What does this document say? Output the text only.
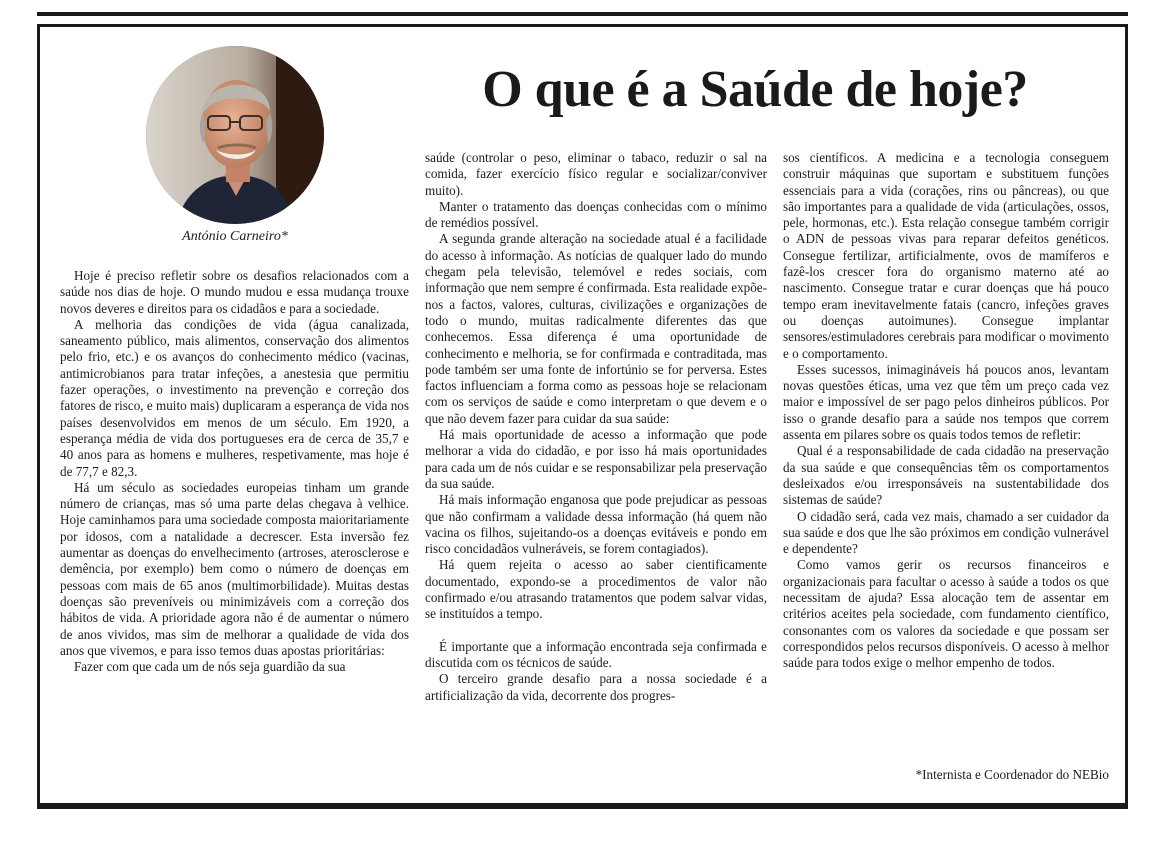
António Carneiro*
O que é a Saúde de hoje?

Hoje é preciso refletir sobre os desafios relacionados com a saúde nos dias de hoje. O mundo mudou e essa mudança trouxe novos deveres e direitos para os cidadãos e para a sociedade.

A melhoria das condições de vida (água canalizada, saneamento público, mais alimentos, conservação dos alimentos pelo frio, etc.) e os avanços do conhecimento médico (vacinas, antimicrobianos para tratar infeções, a anestesia que permitiu fazer operações, o investimento na prevenção e correção dos fatores de risco, e muito mais) duplicaram a esperança de vida nos países desenvolvidos em menos de um século. Em 1920, a esperança média de vida dos portugueses era de cerca de 35,7 e 40 anos para as homens e mulheres, respetivamente, mas hoje é de 77,7 e 82,3.

Há um século as sociedades europeias tinham um grande número de crianças, mas só uma parte delas chegava à velhice. Hoje caminhamos para uma sociedade composta maioritariamente por idosos, com a natalidade a decrescer. Esta inversão fez aumentar as doenças do envelhecimento (artroses, aterosclerose e demência, por exemplo) bem como o número de doenças em pessoas com mais de 65 anos (multimorbilidade). Muitas destas doenças são preveníveis ou minimizáveis com a correção dos hábitos de vida. A prioridade agora não é de aumentar o número de anos vividos, mas sim de melhorar a qualidade de vida dos anos que vivemos, e para isso temos duas apostas prioritárias:

Fazer com que cada um de nós seja guardião da sua

saúde (controlar o peso, eliminar o tabaco, reduzir o sal na comida, fazer exercício físico regular e socializar/conviver muito).

Manter o tratamento das doenças conhecidas com o mínimo de remédios possível.

A segunda grande alteração na sociedade atual é a facilidade do acesso à informação. As notícias de qualquer lado do mundo chegam pela televisão, telemóvel e redes sociais, com informação que nem sempre é confirmada. Esta realidade expõe-nos a factos, valores, culturas, civilizações e organizações de todo o mundo, muitas radicalmente diferentes das que conhecemos. Essa diferença é uma oportunidade de conhecimento e melhoria, se for confirmada e contraditada, mas pode também ser uma fonte de infortúnio se for perversa. Estes factos influenciam a forma como as pessoas hoje se relacionam com os serviços de saúde e como interpretam o que devem e o que não devem fazer para cuidar da sua saúde:

Há mais oportunidade de acesso a informação que pode melhorar a vida do cidadão, e por isso há mais oportunidades para cada um de nós cuidar e se responsabilizar pela preservação da sua saúde.

Há mais informação enganosa que pode prejudicar as pessoas que não confirmam a validade dessa informação (há quem não vacina os filhos, sujeitando-os a doenças evitáveis e pondo em risco concidadãos vulneráveis, se forem contagiados).

Há quem rejeita o acesso ao saber cientificamente documentado, expondo-se a procedimentos de valor não confirmado e/ou atrasando tratamentos que podem salvar vidas, se instituídos a tempo.

É importante que a informação encontrada seja confirmada e discutida com os técnicos de saúde.

O terceiro grande desafio para a nossa sociedade é a artificialização da vida, decorrente dos progres-

sos científicos. A medicina e a tecnologia conseguem construir máquinas que suportam e substituem funções essenciais para a vida (corações, rins ou pâncreas), ou que são importantes para a qualidade de vida (articulações, ossos, pele, hormonas, etc.). Esta relação consegue também corrigir o ADN de pessoas vivas para reparar defeitos genéticos. Consegue fertilizar, artificialmente, ovos de mamíferos e fazê-los crescer fora do organismo materno até ao nascimento. Consegue tratar e curar doenças que há pouco tempo eram inevitavelmente fatais (cancro, infeções graves ou doenças autoimunes). Consegue implantar sensores/estimuladores cerebrais para modificar o movimento e o comportamento.

Esses sucessos, inimagináveis há poucos anos, levantam novas questões éticas, uma vez que têm um preço cada vez maior e impossível de ser pago pelos dinheiros públicos. Por isso o grande desafio para a saúde nos tempos que correm assenta em pilares sobre os quais todos temos de refletir:

Qual é a responsabilidade de cada cidadão na preservação da sua saúde e que consequências têm os comportamentos desleixados e/ou irresponsáveis na sustentabilidade dos sistemas de saúde?

O cidadão será, cada vez mais, chamado a ser cuidador da sua saúde e dos que lhe são próximos em condição vulnerável e dependente?

Como vamos gerir os recursos financeiros e organizacionais para facultar o acesso à saúde a todos os que necessitam de ajuda? Essa alocação tem de assentar em critérios aceites pela sociedade, com fundamento científico, consonantes com os valores da sociedade e que possam ser correspondidos pelos recursos disponíveis. O acesso à melhor saúde para todos exige o melhor empenho de todos.

*Internista e Coordenador do NEBio
